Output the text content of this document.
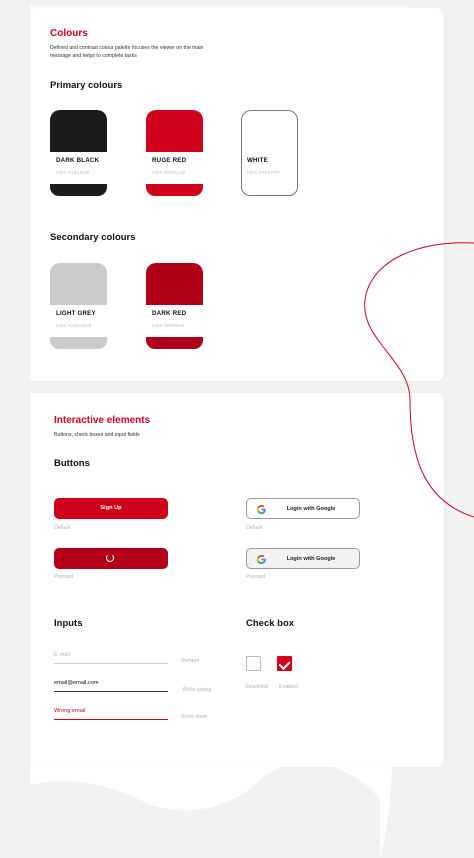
Colours
Defined and contrast colour palette focuses the viewer on the main
message and helps to complete tasks
Primary colours
DARK BLACK
HEX #1B1B1B
RUGE RED
HEX #D0021B
WHITE
HEX #FFFFFF
Secondary colours
LIGHT GREY
HEX #CBCBCB
DARK RED
HEX #B00018
Interactive elements
Buttons, check boxes and input fields
Buttons
Sign Up
Default
Pressed
Login with Google
Default
Login with Google
Pressed
Inputs
E-mail
Default
email@email.com
While typing
Wrong email
Error state
Check box
Desabled Enabled
